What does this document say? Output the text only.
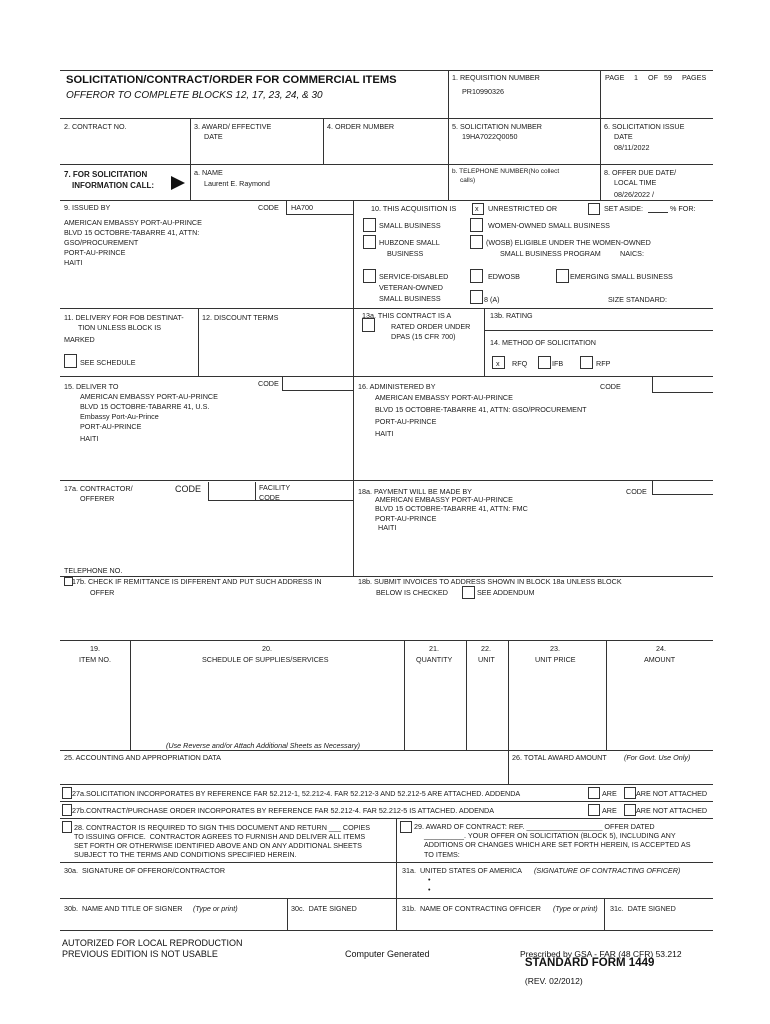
SOLICITATION/CONTRACT/ORDER FOR COMMERCIAL ITEMS
OFFEROR TO COMPLETE BLOCKS 12, 17, 23, 24, & 30
1. REQUISITION NUMBER
PR10990326
PAGE 1 OF 59 PAGES
2. CONTRACT NO.	3. AWARD/ EFFECTIVE
DATE
4. ORDER NUMBER	5. SOLICITATION NUMBER
19HA7022Q0050
6. SOLICITATION ISSUE
DATE
08/11/2022
7. FOR SOLICITATION
INFORMATION CALL:
a. NAME
Laurent E. Raymond
b. TELEPHONE NUMBER(No collect
calls)
8. OFFER DUE DATE/
LOCAL TIME
08/26/2022 /
9. ISSUED BY	CODE HA700
AMERICAN EMBASSY PORT-AU-PRINCE
BLVD 15 OCTOBRE-TABARRE 41, ATTN:
GSO/PROCUREMENT
PORT-AU-PRINCE
HAITI
10. THIS ACQUISITION IS	x UNRESTRICTED OR	SET ASIDE:	% FOR:
SMALL BUSINESS	WOMEN-OWNED SMALL BUSINESS
HUBZONE SMALL
BUSINESS
(WOSB) ELIGIBLE UNDER THE WOMEN-OWNED
SMALL BUSINESS PROGRAM	NAICS:
SERVICE-DISABLED
VETERAN-OWNED
SMALL BUSINESS
EDWOSB	EMERGING SMALL BUSINESS
8 (A)	SIZE STANDARD:
11. DELIVERY FOR FOB DESTINAT-
TION UNLESS BLOCK IS
MARKED
SEE SCHEDULE
12. DISCOUNT TERMS	13a. THIS CONTRACT IS A
RATED ORDER UNDER
DPAS (15 CFR 700)
13b. RATING
14. METHOD OF SOLICITATION
x RFQ	IFB	RFP
15. DELIVER TO	CODE
AMERICAN EMBASSY PORT-AU-PRINCE
BLVD 15 OCTOBRE-TABARRE 41, U.S.
Embassy Port-Au-Prince
PORT-AU-PRINCE
HAITI
16. ADMINISTERED BY	CODE
AMERICAN EMBASSY PORT-AU-PRINCE
BLVD 15 OCTOBRE-TABARRE 41, ATTN: GSO/PROCUREMENT
PORT-AU-PRINCE
HAITI
17a. CONTRACTOR/
OFFERER
CODE	FACILITY
CODE
TELEPHONE NO.
17b. CHECK IF REMITTANCE IS DIFFERENT AND PUT SUCH ADDRESS IN
OFFER
18a. PAYMENT WILL BE MADE BY	CODE
AMERICAN EMBASSY PORT-AU-PRINCE
BLVD 15 OCTOBRE-TABARRE 41, ATTN: FMC
PORT-AU-PRINCE
HAITI
18b. SUBMIT INVOICES TO ADDRESS SHOWN IN BLOCK 18a UNLESS BLOCK
BELOW IS CHECKED	SEE ADDENDUM
19.
ITEM NO.
20.
SCHEDULE OF SUPPLIES/SERVICES
21.
QUANTITY
22.
UNIT
23.
UNIT PRICE
24.
AMOUNT
(Use Reverse and/or Attach Additional Sheets as Necessary)
25. ACCOUNTING AND APPROPRIATION DATA	26. TOTAL AWARD AMOUNT (For Govt. Use Only)
27a.SOLICITATION INCORPORATES BY REFERENCE FAR 52.212-1, 52.212-4. FAR 52.212-3 AND 52.212-5 ARE ATTACHED. ADDENDA	ARE	ARE NOT ATTACHED
27b.CONTRACT/PURCHASE ORDER INCORPORATES BY REFERENCE FAR 52.212-4. FAR 52.212-5 IS ATTACHED. ADDENDA	ARE	ARE NOT ATTACHED
28. CONTRACTOR IS REQUIRED TO SIGN THIS DOCUMENT AND RETURN ___ COPIES
TO ISSUING OFFICE.  CONTRACTOR AGREES TO FURNISH AND DELIVER ALL ITEMS
SET FORTH OR OTHERWISE IDENTIFIED ABOVE AND ON ANY ADDITIONAL SHEETS
SUBJECT TO THE TERMS AND CONDITIONS SPECIFIED HEREIN.
29. AWARD OF CONTRACT: REF. ___________________ OFFER DATED
__________. YOUR OFFER ON SOLICITATION (BLOCK 5), INCLUDING ANY
ADDITIONS OR CHANGES WHICH ARE SET FORTH HEREIN, IS ACCEPTED AS
TO ITEMS:
30a.  SIGNATURE OF OFFEROR/CONTRACTOR	31a.  UNITED STATES OF AMERICA (SIGNATURE OF CONTRACTING OFFICER)
•
•
30b.  NAME AND TITLE OF SIGNER (Type or print)	30c.  DATE SIGNED	31b.  NAME OF CONTRACTING OFFICER (Type or print) 31c.  DATE SIGNED
AUTORIZED FOR LOCAL REPRODUCTION
PREVIOUS EDITION IS NOT USABLE	Computer Generated

STANDARD FORM 1449
(REV. 02/2012)

Prescribed by GSA - FAR (48 CFR) 53.212
